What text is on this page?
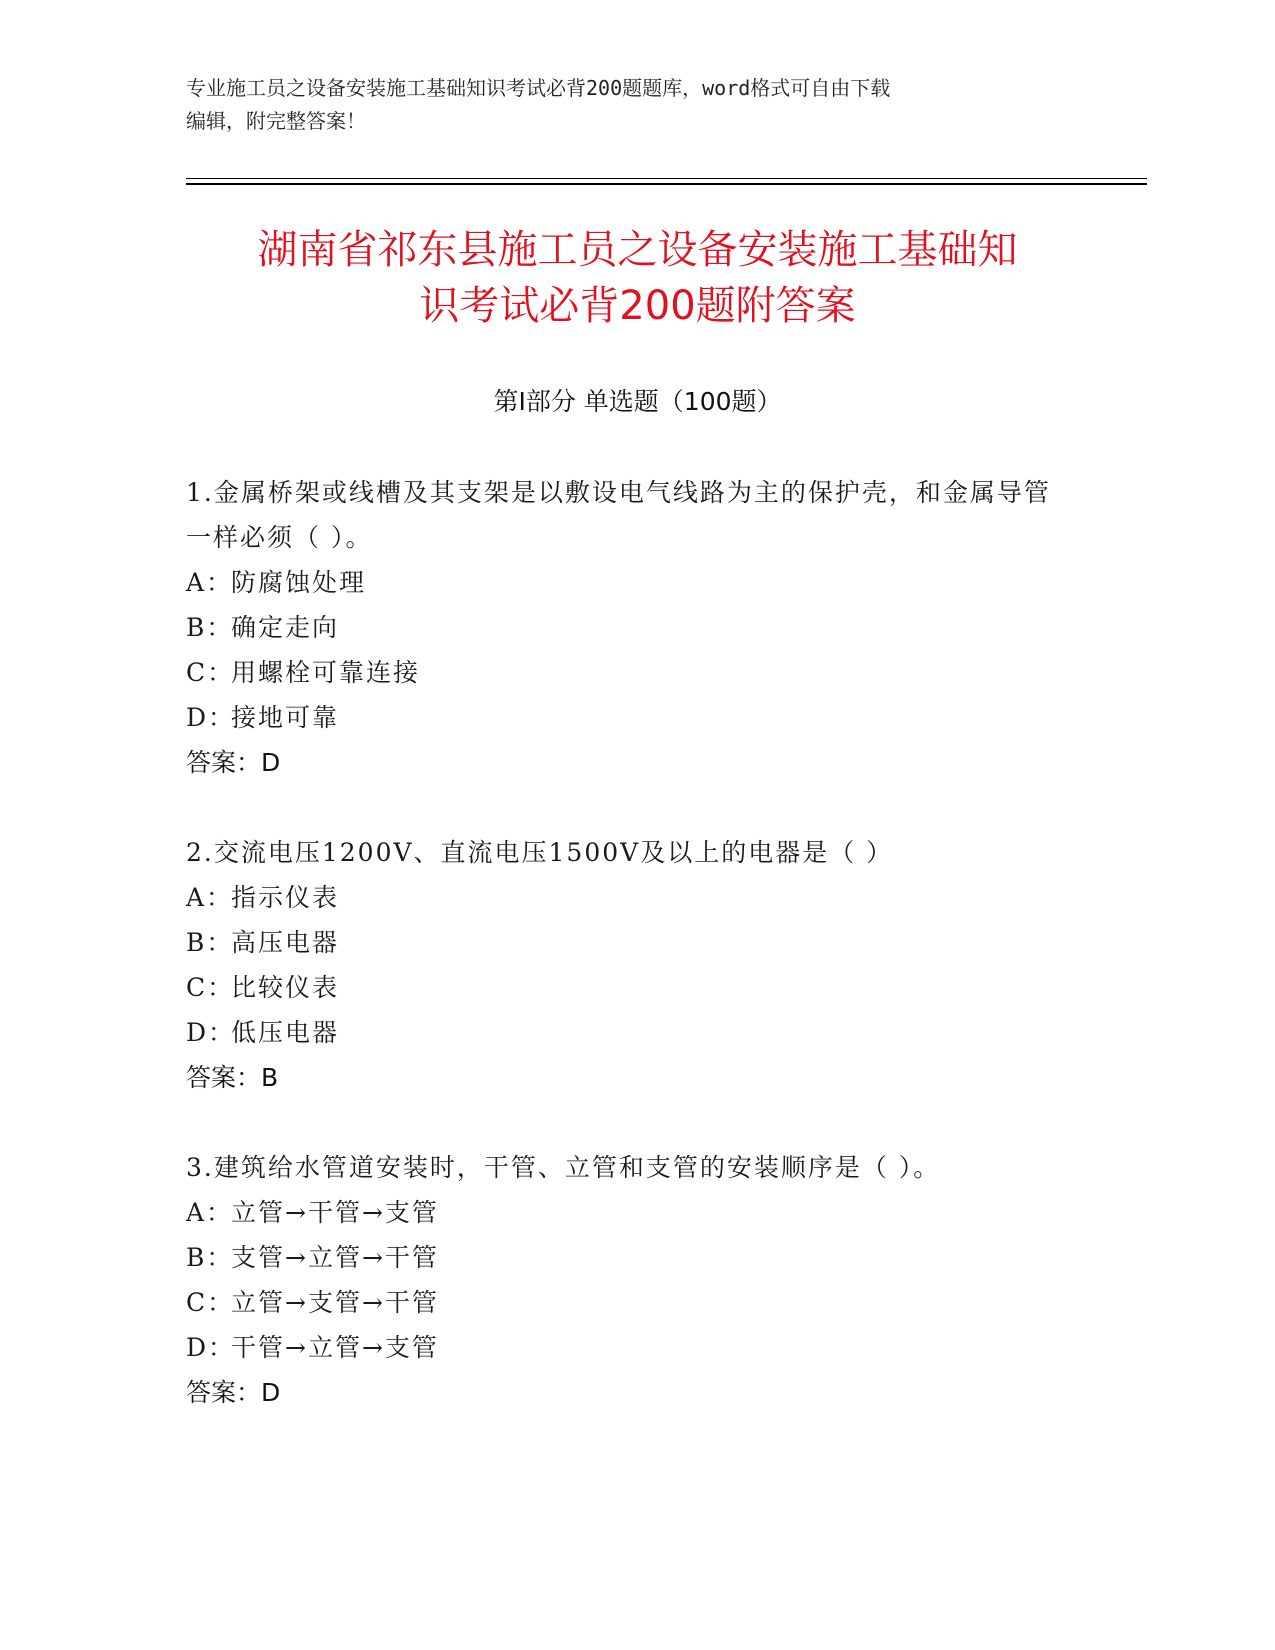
专业施工员之设备安装施工基础知识考试必背200题题库，word格式可自由下载
编辑，附完整答案！
湖南省祁东县施工员之设备安装施工基础知
识考试必背200题附答案
第Ⅰ部分 单选题（100题）
1.金属桥架或线槽及其支架是以敷设电气线路为主的保护壳，和金属导管一样必须（ ）。
A：防腐蚀处理
B：确定走向
C：用螺栓可靠连接
D：接地可靠
答案：D
2.交流电压1200V、直流电压1500V及以上的电器是（ ）
A：指示仪表
B：高压电器
C：比较仪表
D：低压电器
答案：B
3.建筑给水管道安装时，干管、立管和支管的安装顺序是（ ）。
A：立管→干管→支管
B：支管→立管→干管
C：立管→支管→干管
D：干管→立管→支管
答案：D
